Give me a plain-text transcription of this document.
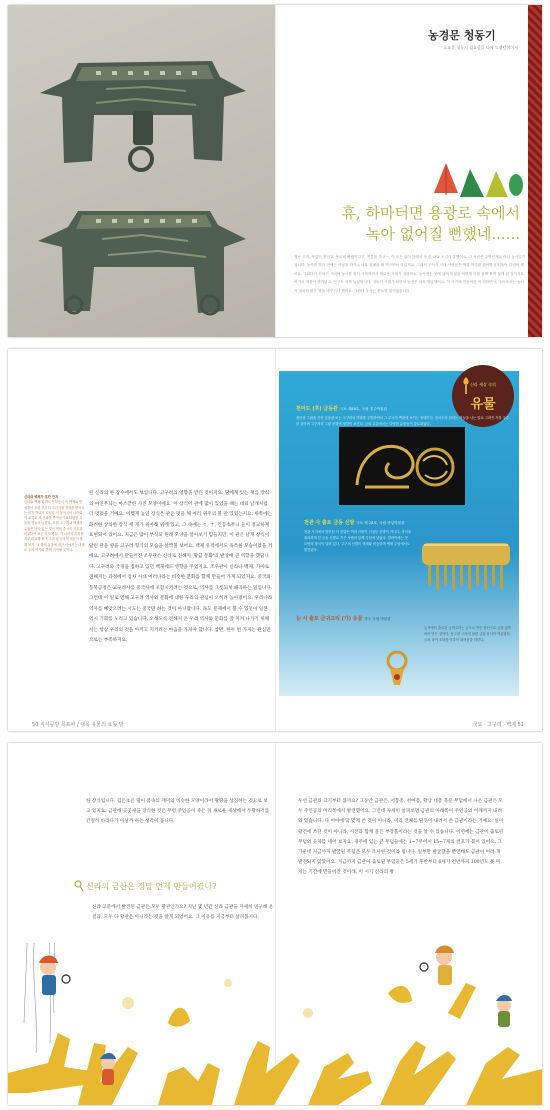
농경문 청동기
요요문 청동기 김효상을 나에 드렸던이어서
휴, 하마터면 용광로 속에서
녹아 없어질 뻔했네......

청동 도끼, 작업이 쌓인고, 용로의 땅쉽이다고, 전통을 하고---. 이 모든 일이 앞에서 꼭 한 나와 소녀가 말했어요. 그 사진은 주방단계로 아나 농사일기입니다. 농사를 짓기 전에는 사냥을 하거나 나무 열매를 때 먹으면서 살았지요. 그래서 구석기 시대 사람들은 먹을 거리를 찾아항상 떠돌아 다녀야 했어요. 그러다가 신석기 시대에 농사를 짓기 시작하면서 새로운 시대가 열렸어요. 농사짓는 곳에 살며 이것을 어떻게 다를 함께 모여 살게 된 것이지요. 여기서 마을이 생겨났고, 인구도 크게 늘었답니다. 청동기 시대가 되면서 농경은 더욱 발달했어요. 이 시기에 만들어진 이 의하면서, 주어에서는 농사가 얼마의 많은 밭을 바꾸거나 했어요. 그런데 농사는 중요한 일이었습니다.

신라와 백제가 혼란 만지
신라와 백제 황해도 산다음이 꼭 백제와 안성황이 오래 전부터 그러기에 경원을 받아오는 이후 하나가 되었다.이 동아시아 나라와의 교류로 새 문화를 받아들이고 다양한 유물을 만들어 남겼다. 또한 고구려와 백제의 유물은 남아 있는 것이 적어 중국의 기록과 비교하여 보는 것도 좋다. 각 나라의 특징을 서로 비교해 보며 고대 왕국의 역사를 이해해 보자. 그 외에 유물에 대한 이야기는 대체로 우리 역사와 함께 기억될 것이다.

된 신라의 한 장수에서도 보입니다. 고구려의 영향을 받은 것이지요. 당에게 있는 재를 장식의 마연무늬는 마스끝한 사진 모양이에요. 이 장식이 관에 많이 있었을 때는 대외 날개처럼 더 멋졌을 거예요. 어쨌게 높인 장식은 관은 멋을 해 여러 위주의 볼 만 있었는지요. 위쪽에는 화려한 상의한 장식 세 개가 위아래 위에 있고, 그 속에는 ㅇ, ㅜ, 인동초무늬 들이 정교하게 표현되어 있어요. 지금은 많이 부식되 원래 모양을 알아보기 힘들지만, 이 관은 날개 장식이 달린 관을 옆을 고구려 형식의 모습을 살짝볼 보여요. 백제 유적에서도 독특한 모습이었을 거에요. 고구려에서 만들어진 조무관은 신라로 전해져 '황금 문화'의 발상에 큰 역할을 했답니다. 고구려와 국경을 접하고 있던 백제에도 영향을 주었지요. 조우관이 신라나 백제, 가야로 전해지는 과정에서 점차 시대 여러나라는 비슷한 문화를 함께 만들어 가게 되었지요. 중국의 동북공정은 고구려사를 중국사에 포함시키려는 것으로, 역사를 그릇되게 왜곡하는 일입니다. 그런데 이 일로 인해 고구려 역사와 문화에 대한 우리의 관심이 오히려 높아졌어요. 우리나라 역사를 빼앗으려는 시도는 중국만 하는 것이 아니랍니다. 독도 문제에서 볼 수 있듯이 일본 역시 기회를 노리고 있습니다. 오래도록 전해져 온 우리 역사와 문화를 잘 지켜 나가기 위해서는 항상 우리의 것을 아끼고 지키려는 마음을 가져야 합니다. 참만, 한두 번 가지는 관심만으로는 부족하지요.

50 지식공방 목표파 / 대목 유물의 요동 방	국토 · 고구려 · 백제 51
신라 세상 속의
유물
천마도 (후) 금동관 국보 제88호, 국립 경주박물관

천마의 그림을 가진 금동관 또는 고구려의 벽화를 주방하여서 그 무늬가 벽화에 보이는 형태이다. 천마도의 천마는 하늘을 나는 말로 그려진 가장 우수한 것이며 고구려의 그림 문화에 영향이 보인다. 금의 고분에서는 다양한 유물들이 출토되었다.

천관 사 출토 금동 신발 국보 제 28호, 국립 중앙박물관

천관 사지에서 발견된 이 신발은 여러 사람이 신었던 신발이 아니다. 장식을 화려하게 한 금동 신발로 죽은 사람과 함께 무덤에 넣었다. 발바닥에는 못 모양의 장식이 달려 있다. 고구려 신발의 형태와 비슷하며 백제 무덤에서도 발견된다.

능 사 출토 금귀고리 (가) 유물 경주 국립 박물관

능사에서 출토된 금귀고리는 금으로 만든 장신구로 금을 얇게 펴서 만든 것이다. 동그란 고리에 달린 금판 장식이 아름답다. 금과 옥이 조화를 이루어 화려함을 더한다.

한 장식입니다. 김은초은 말이 몸속의 재미와 비슷한 모양이라서 땅땅을 상징하는 것으로 보고 있지요. 금관에 곳곳새을 장식한 것은 무령 주인공이 죽은 뒤 새로운 세상에서 두황하기를 간절히 바라다가 아닐까 하는 생각이 듭니다.

신라의 금산은 정말 언제 만들어졌나?

신라 고분에서 발견된 금관은 모두 황관인가요? 지난 몇 년간 신라 금관을 자세히 연구해 온 결과, 모두 다 황관은 아니라는 것을 알게 되었어요. 그 이유를 지금부터 살펴봅시다.

우선 금관의 크기부터 봅까요? 그동안 금관은, 서봉총, 천마총, 황남 대총 북분 무덤에서 나온 금관은 모두 주인공의 머리쪽에서 발견했어요. 그런데 자세히 살펴보면 금관의 아래쪽이 주인공의 어깨까지 내려와 있습니다. 다 이마에 딱 맞게 쓴 것이 아니라, 머리 전체를 덮듯이 내려서 쓴 금관이라는 거예요. 실어왕전에 쓰던 것이 아니라, 시신과 함께 묻은 부장품이라는 것을 알 수 있습니다. 어떤에는 금관이 출토된 무덤의 숫자를 세어 보지요. 경주에 있는 큰 무덤들에는 1~7무어서 15~7개의 번호가 붙어 있어요. 그 가운데 지금까지 발굴된 무덤은 모두 조사한 것이라 됩니다. 일부만 발굴했을 뿐인데도 금관이 여러 개 발견되지 않았어요. 지금까지 금관이 출토된 무덤들은 5세기 후반부터 6세기 전반까지 100년도 못 미치는 기간에 만들어진 것이래, 이 시기 신라의 왕
